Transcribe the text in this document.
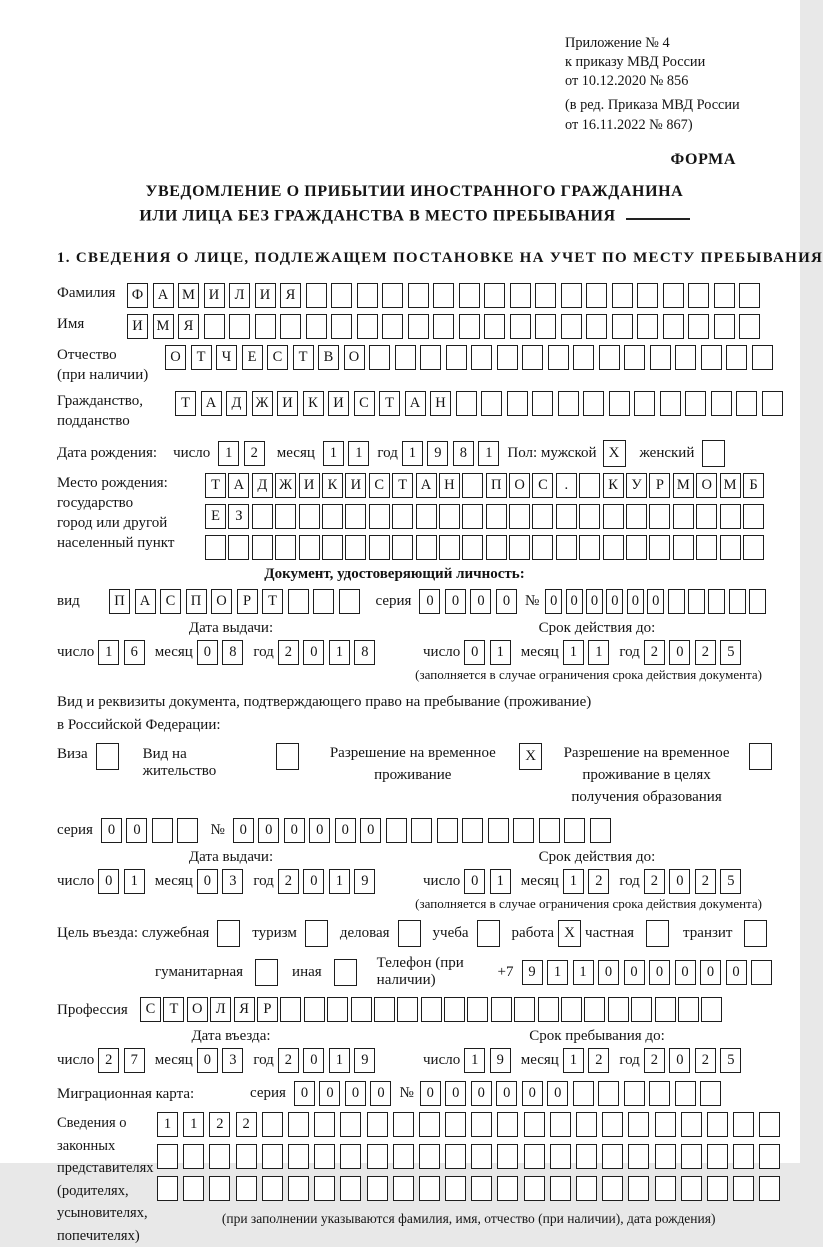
Приложение № 4
к приказу МВД России
от 10.12.2020 № 856
(в ред. Приказа МВД России
от 16.11.2022 № 867)
ФОРМА
УВЕДОМЛЕНИЕ О ПРИБЫТИИ ИНОСТРАННОГО ГРАЖДАНИНА
ИЛИ ЛИЦА БЕЗ ГРАЖДАНСТВА В МЕСТО ПРЕБЫВАНИЯ
1. СВЕДЕНИЯ О ЛИЦЕ, ПОДЛЕЖАЩЕМ ПОСТАНОВКЕ НА УЧЕТ ПО МЕСТУ ПРЕБЫВАНИЯ
Фамилия	Ф	А М И	Л	И	Я
Имя	И М Я
Отчество
(при наличии)
О	Т	Ч	Е	С	Т	В	О
Гражданство,
подданство
Т	А	Д Ж И	К	И	С	Т	А	Н
Дата рождения: число	1	2	месяц	1	1 год 1	9	8	1 Пол: мужской X	женский
Место рождения:
государство
город или другой
населенный пункт
Т А Д Ж И К И С Т А Н	П О С	.	К У Р М О М Б
Е	З
Документ, удостоверяющий личность:
вид	П	А	С	П	О	Р	Т	серия	0	0	0	0 № 0 0 0 0 0 0
Дата выдачи:
число 1	6	месяц 0	8	год 2	0	1	8
Срок действия до:
число 0	1	месяц 1	1	год 2	0	2	5
(заполняется в случае ограничения срока действия документа)
Вид и реквизиты документа, подтверждающего право на пребывание (проживание)
в Российской Федерации:
Виза	Вид на жительство
Разрешение на временное
проживание
X	Разрешение на временное
проживание в целях
получения образования
серия	0	0	№	0	0	0	0	0	0
Дата выдачи:
число 0	1	месяц 0	3	год 2	0	1	9
Срок действия до:
число 0	1	месяц 1	2	год 2	0	2	5
(заполняется в случае ограничения срока действия документа)
Цель въезда: служебная	туризм	деловая	учеба	работа X частная	транзит
гуманитарная	иная
Телефон (при наличии)
+7	9	1	1	0	0	0	0	0	0
Профессия	С Т О Л Я	Р
Дата въезда:
число 2	7	месяц 0	3	год 2	0	1	9
Срок пребывания до:
число 1	9	месяц 1	2	год 2	0	2	5
Миграционная карта:	серия	0	0	0	0 № 0	0	0	0	0	0
Сведения о
законных
представителях
(родителях,
усыновителях,
попечителях)
1	1	2	2
(при заполнении указываются фамилия, имя, отчество (при наличии), дата рождения)
